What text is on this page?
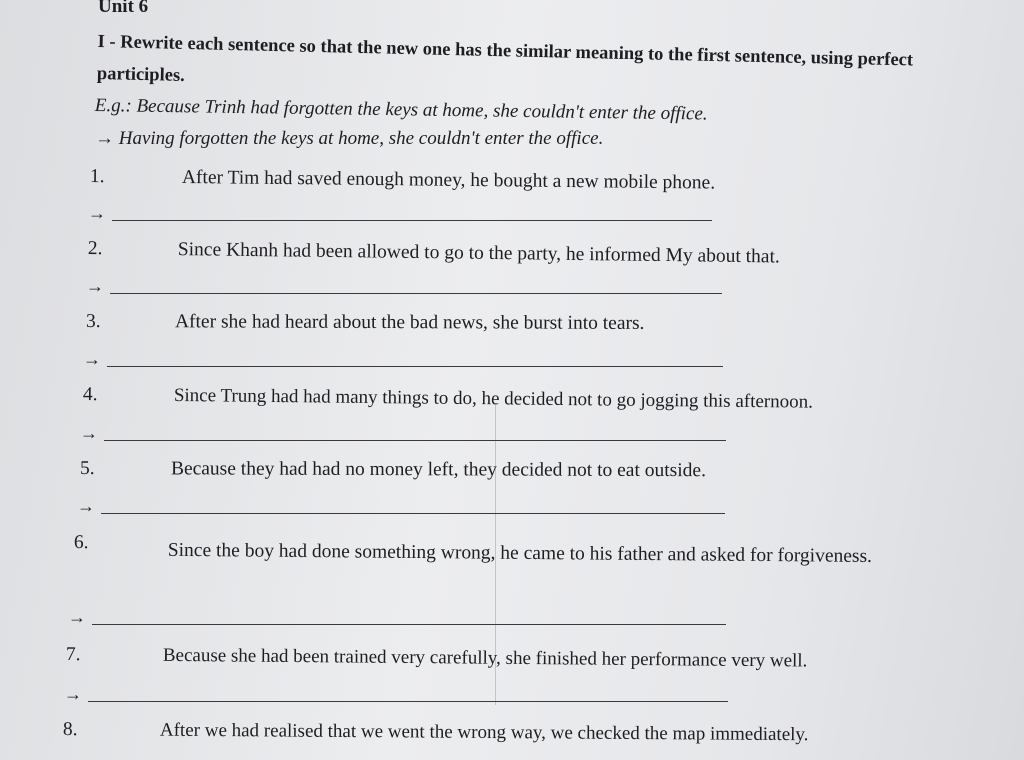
Unit 6
I - Rewrite each sentence so that the new one has the similar meaning to the first sentence, using perfect participles.
E.g.: Because Trinh had forgotten the keys at home, she couldn't enter the office.
→ Having forgotten the keys at home, she couldn't enter the office.
1.	After Tim had saved enough money, he bought a new mobile phone.
→
2.	Since Khanh had been allowed to go to the party, he informed My about that.
→
3.	After she had heard about the bad news, she burst into tears.
→
4.	Since Trung had had many things to do, he decided not to go jogging this afternoon.
→
5.	Because they had had no money left, they decided not to eat outside.
→
6.	Since the boy had done something wrong, he came to his father and asked for forgiveness.
→
7.	Because she had been trained very carefully, she finished her performance very well.
→
8.	After we had realised that we went the wrong way, we checked the map immediately.
